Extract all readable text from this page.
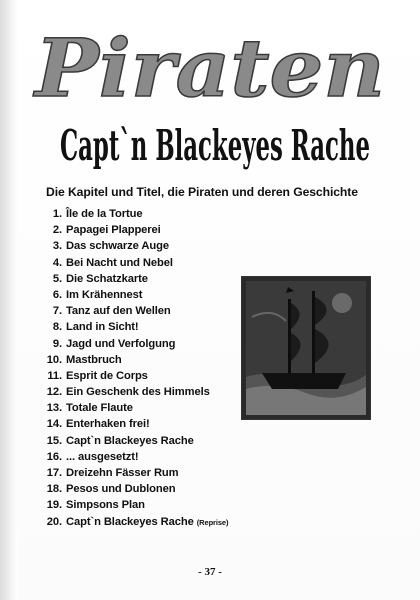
Piraten
Capt`n Blackeyes Rache
Die Kapitel und Titel, die Piraten und deren Geschichte
1. Île de la Tortue
2. Papagei Plapperei
3. Das schwarze Auge
4. Bei Nacht und Nebel
5. Die Schatzkarte
6. Im Krähennest
7. Tanz auf den Wellen
8. Land in Sicht!
9. Jagd und Verfolgung
10. Mastbruch
11. Esprit de Corps
12. Ein Geschenk des Himmels
13. Totale Flaute
14. Enterhaken frei!
15. Capt`n Blackeyes Rache
16. ... ausgesetzt!
17. Dreizehn Fässer Rum
18. Pesos und Dublonen
19. Simpsons Plan
20. Capt`n Blackeyes Rache (Reprise)
- 37 -
